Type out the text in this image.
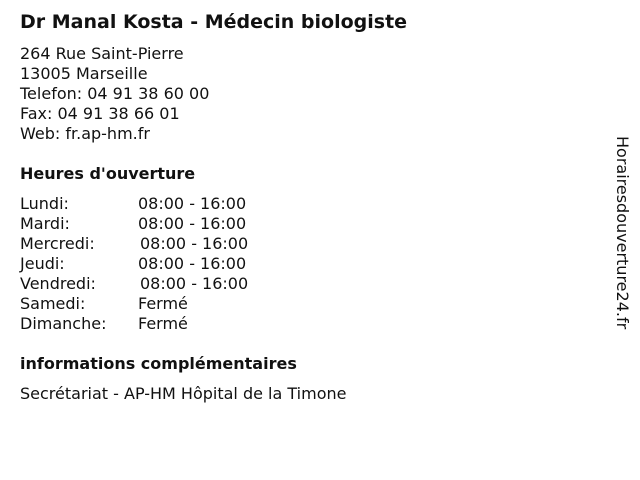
Dr Manal Kosta - Médecin biologiste
264 Rue Saint-Pierre
13005 Marseille
Telefon: 04 91 38 60 00
Fax: 04 91 38 66 01
Web: fr.ap-hm.fr
Heures d'ouverture
Lundi:	08:00 - 16:00
Mardi:	08:00 - 16:00
Mercredi:	08:00 - 16:00
Jeudi:	08:00 - 16:00
Vendredi:	08:00 - 16:00
Samedi:	Fermé
Dimanche: Fermé
informations complémentaires
Secrétariat - AP-HM Hôpital de la Timone
Horairesdouverture24.fr
